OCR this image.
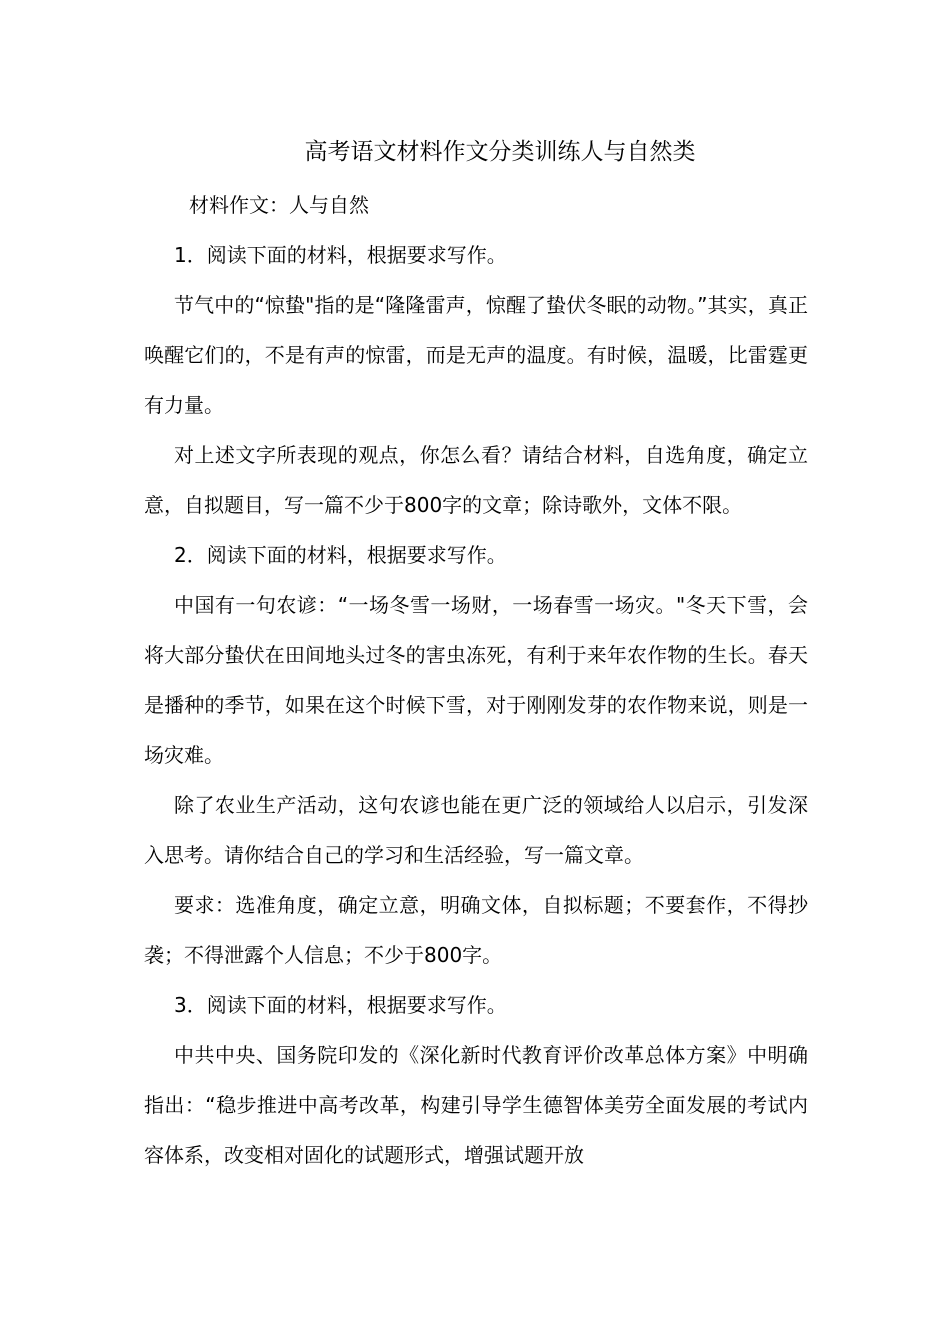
高考语文材料作文分类训练人与自然类

材料作文：人与自然

1．阅读下面的材料，根据要求写作。

节气中的“惊蛰"指的是“隆隆雷声，惊醒了蛰伏冬眠的动物。”其实，真正唤醒它们的，不是有声的惊雷，而是无声的温度。有时候，温暖，比雷霆更有力量。

对上述文字所表现的观点，你怎么看？请结合材料，自选角度，确定立意，自拟题目，写一篇不少于800字的文章；除诗歌外，文体不限。

2．阅读下面的材料，根据要求写作。

中国有一句农谚：“一场冬雪一场财，一场春雪一场灾。"冬天下雪，会将大部分蛰伏在田间地头过冬的害虫冻死，有利于来年农作物的生长。春天是播种的季节，如果在这个时候下雪，对于刚刚发芽的农作物来说，则是一场灾难。

除了农业生产活动，这句农谚也能在更广泛的领域给人以启示，引发深入思考。请你结合自己的学习和生活经验，写一篇文章。

要求：选准角度，确定立意，明确文体，自拟标题；不要套作，不得抄袭；不得泄露个人信息；不少于800字。

3．阅读下面的材料，根据要求写作。

中共中央、国务院印发的《深化新时代教育评价改革总体方案》中明确指出：“稳步推进中高考改革，构建引导学生德智体美劳全面发展的考试内容体系，改变相对固化的试题形式，增强试题开放
